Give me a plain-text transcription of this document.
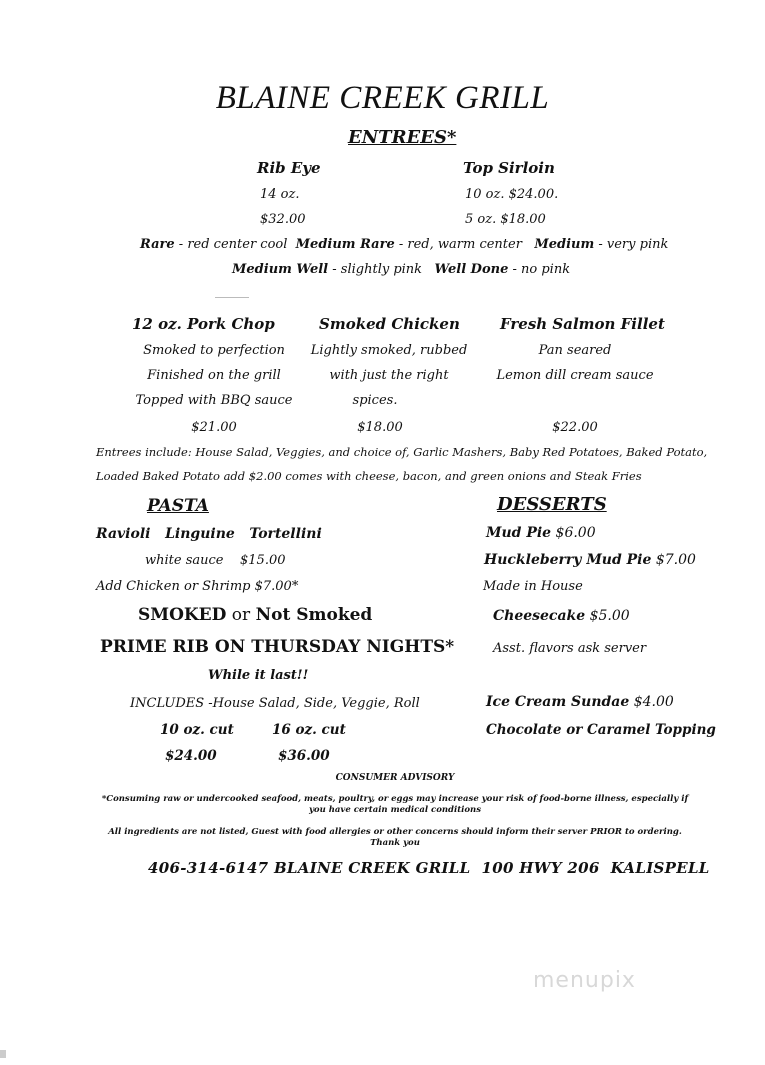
BLAINE CREEK GRILL
ENTREES*
Rib Eye
14 oz.
$32.00
Top Sirloin
10 oz. $24.00.
5 oz. $18.00
Rare - red center cool Medium Rare - red, warm center Medium - very pink
Medium Well - slightly pink Well Done - no pink
12 oz. Pork Chop
Smoked to perfection
Finished on the grill
Topped with BBQ sauce
$21.00
Smoked Chicken
Lightly smoked, rubbed
with just the right
spices.
$18.00
Fresh Salmon Fillet
Pan seared
Lemon dill cream sauce
$22.00
Entrees include: House Salad, Veggies, and choice of, Garlic Mashers, Baby Red Potatoes, Baked Potato,
Loaded Baked Potato add $2.00 comes with cheese, bacon, and green onions and Steak Fries
PASTA
Ravioli   Linguine   Tortellini
white sauce    $15.00
Add Chicken or Shrimp $7.00*
SMOKED or Not Smoked
PRIME RIB ON THURSDAY NIGHTS*
While it last!!
INCLUDES -House Salad, Side, Veggie, Roll
10 oz. cut	16 oz. cut
$24.00	$36.00
DESSERTS
Mud Pie $6.00
Huckleberry Mud Pie $7.00
Made in House
Cheesecake $5.00
Asst. flavors ask server
Ice Cream Sundae $4.00
Chocolate or Caramel Topping
CONSUMER ADVISORY
*Consuming raw or undercooked seafood, meats, poultry, or eggs may increase your risk of food-borne illness, especially if
you have certain medical conditions
All ingredients are not listed, Guest with food allergies or other concerns should inform their server PRIOR to ordering.
Thank you
406-314-6147 BLAINE CREEK GRILL  100 HWY 206  KALISPELL
menupix
